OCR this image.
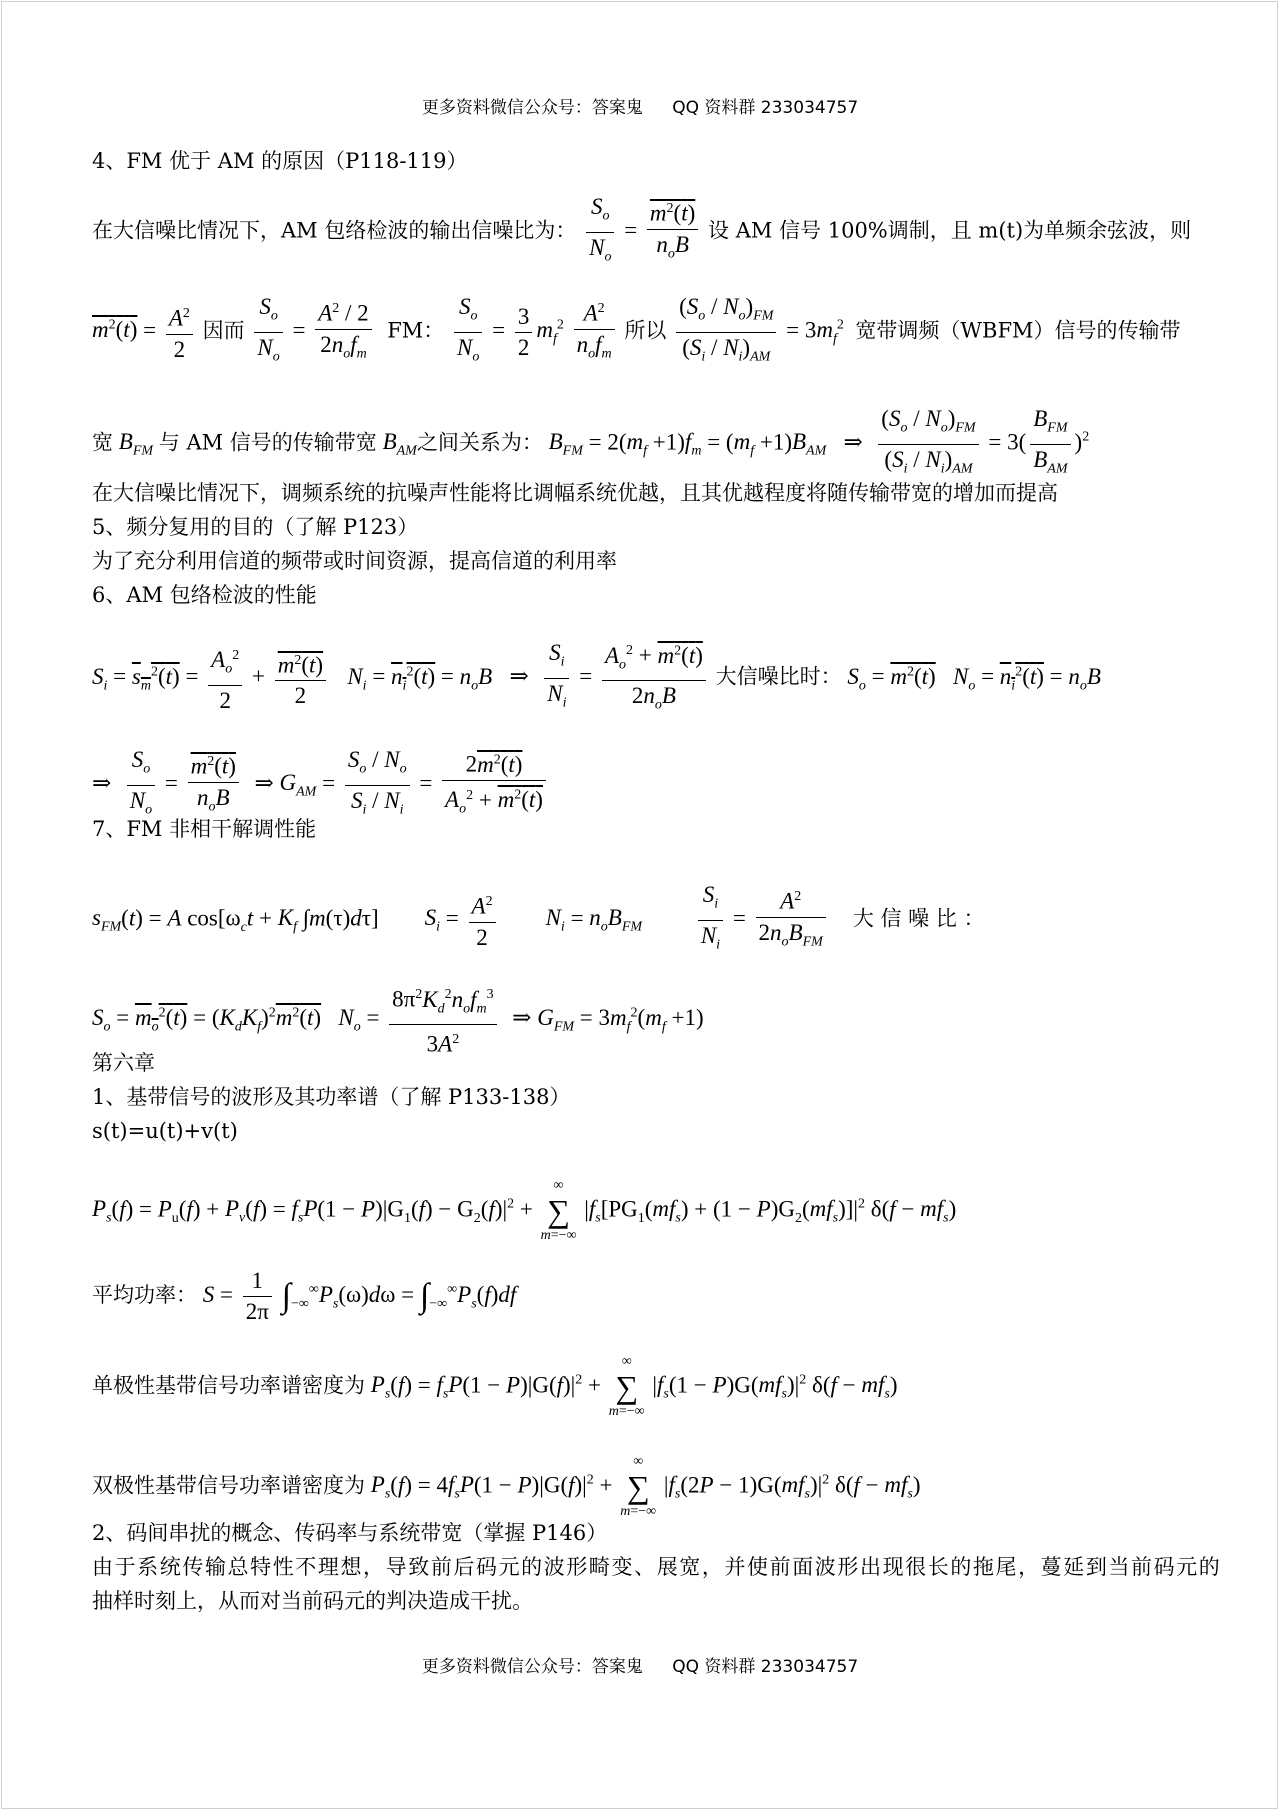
更多资料微信公众号：答案鬼 QQ 资料群 233034757
4、FM 优于 AM 的原因（P118-119）
在大信噪比情况下，AM 包络检波的输出信噪比为： $\frac{S_o}{N_o} = \frac{m^2(t)}{n_oB}$ 设 AM 信号 100%调制，且 m(t)为单频余弦波，则
$m^2(t) = \frac{A^2}{2}$ 因而 $\frac{S_o}{N_o} = \frac{A^2 / 2}{2n_of_m}$ FM： $\frac{S_o}{N_o} = \frac{3}{2} m_f^2 \frac{A^2}{n_of_m}$ 所以 $\frac{(S_o / N_o)_{FM}}{(S_i / N_i)_{AM}} = 3m_f^2$ 宽带调频（WBFM）信号的传输带
宽 $B_{FM}$ 与 AM 信号的传输带宽 $B_{AM}$之间关系为： $B_{FM} = 2(m_f +1)f_m = (m_f +1)B_{AM}$   ⇒ $\frac{(S_o / N_o)_{FM}}{(S_i / N_i)_{AM}} = 3( \frac{B_{FM}}{B_{AM}} )^2$
在大信噪比情况下，调频系统的抗噪声性能将比调幅系统优越，且其优越程度将随传输带宽的增加而提高
5、频分复用的目的（了解 P123）
为了充分利用信道的频带或时间资源，提高信道的利用率
6、AM 包络检波的性能
$S_i = s_m^2(t) = \frac{A_o^2}{2} + \frac{m^2(t)}{2} N_i = n_i^2(t) = n_oB$   ⇒ $\frac{S_i}{N_i} = \frac{A_o^2 + m^2(t)}{2n_oB}$ 大信噪比时： $S_o = m^2(t) N_o = n_i^2(t) = n_oB$
⇒ $\frac{S_o}{N_o} = \frac{m^2(t)}{n_oB}$ ⇒ $G_{AM} = \frac{S_o / N_o}{S_i / N_i} = \frac{2m^2(t)}{A_o^2 + m^2(t)}$
7、FM 非相干解调性能
$s_{FM}(t) = A$ $\cos[\omega_ct + K_f$ ∫m(τ)dτ]        $S_i = \frac{A^2}{2} N_i = n_oB_{FM} \frac{S_i}{N_i} = \frac{A^2}{2n_oB_{FM}}$ 大 信 噪 比 ：
$S_o = m_o^2(t) = (K_dK_f)^2m^2(t) N_o = \frac{8\pi^2K_d^2n_of_m^3}{3A^2}$ ⇒ $G_{FM} = 3m_f^2(m_f +1)$
第六章
1、基带信号的波形及其功率谱（了解 P133-138）
s(t)=u(t)+v(t)
$P_s(f) = P_u(f) + P_v(f) = f_sP(1 - P)|G_1(f) - G_2(f)|^2$ + ∞
∑
m=−∞ $|f_s[PG_1(mf_s) + (1 - P)G_2(mf_s)]|^2$ $\delta(f - mf_s)$
平均功率： $S = \frac{1}{2\pi} \int_{-\infty}^\infty P_s(\omega)d\omega = \int_{-\infty}^\infty P_s(f)df$
单极性基带信号功率谱密度为 $P_s(f) = f_sP(1 - P)|G(f)|^2$ + ∞
∑
m=−∞ $|f_s(1 - P)G(mf_s)|^2$ $\delta(f - mf_s)$
双极性基带信号功率谱密度为 $P_s(f) = 4f_sP(1 - P)|G(f)|^2$ + ∞
∑
m=−∞ $|f_s(2P - 1)G(mf_s)|^2$ $\delta(f - mf_s)$
2、码间串扰的概念、传码率与系统带宽（掌握 P146）
由于系统传输总特性不理想，导致前后码元的波形畸变、展宽，并使前面波形出现很长的拖尾，蔓延到当前码元的
抽样时刻上，从而对当前码元的判决造成干扰。
更多资料微信公众号：答案鬼 QQ 资料群 233034757
